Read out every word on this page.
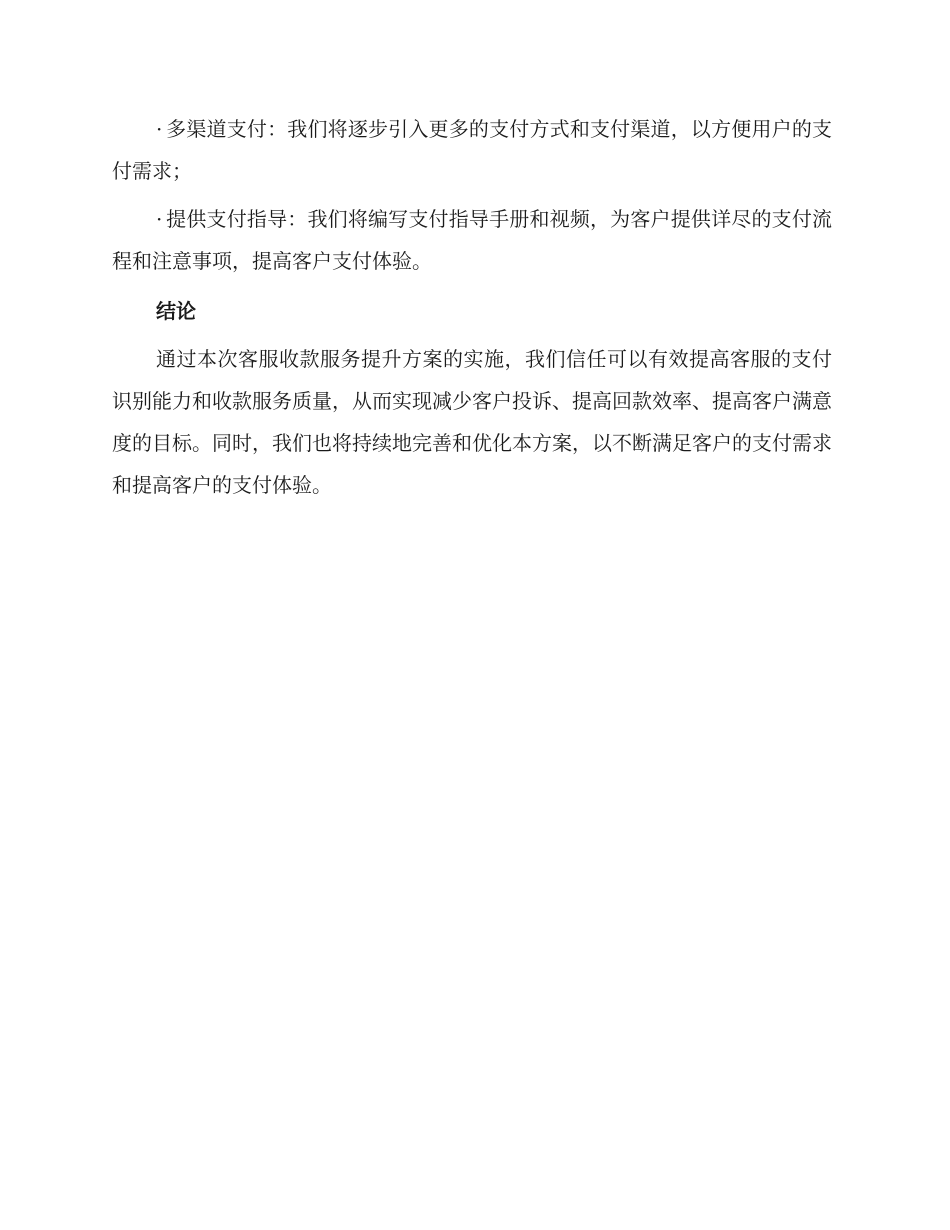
· 多渠道支付：我们将逐步引入更多的支付方式和支付渠道，以方便用户的支付需求；

· 提供支付指导：我们将编写支付指导手册和视频，为客户提供详尽的支付流程和注意事项，提高客户支付体验。

结论

通过本次客服收款服务提升方案的实施，我们信任可以有效提高客服的支付识别能力和收款服务质量，从而实现减少客户投诉、提高回款效率、提高客户满意度的目标。同时，我们也将持续地完善和优化本方案，以不断满足客户的支付需求和提高客户的支付体验。
